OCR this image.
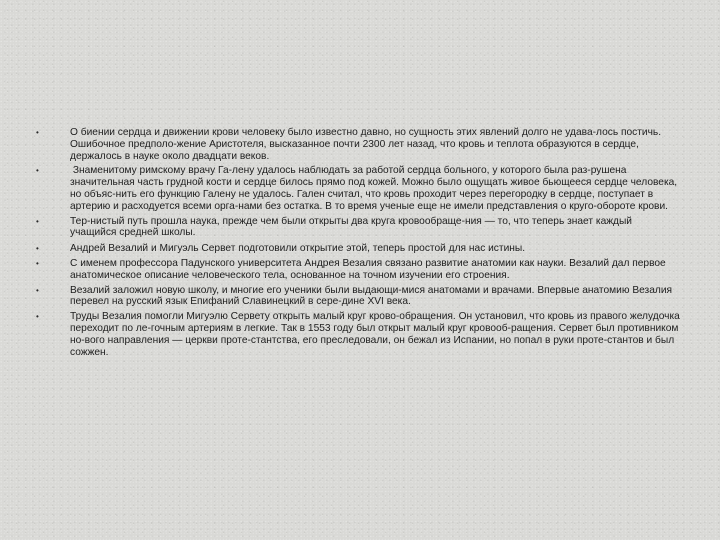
•	О биении сердца и движении крови человеку было известно давно, но сущность этих явлений долго не удава-лось постичь. Ошибочное предполо-жение Аристотеля, высказанное почти 2300 лет назад, что кровь и теплота образуются в сердце, держалось в науке около двадцати веков.
•	Знаменитому римскому врачу Га-лену удалось наблюдать за работой сердца больного, у которого была раз-рушена значительная часть грудной кости и сердце билось прямо под кожей. Можно было ощущать живое бьющееся сердце человека, но объяс-нить его функцию Галену не удалось. Гален считал, что кровь проходит через перегородку в сердце, поступает в артерию и расходуется всеми орга-нами без остатка. В то время ученые еще не имели представления о круго-обороте крови.
•	Тер-нистый путь прошла наука, прежде чем были открыты два круга кровообраще-ния — то, что теперь знает каждый учащийся средней школы.
•	Андрей Везалий и Мигуэль Сервет подготовили открытие этой, теперь простой для нас истины.
•	С именем профессора Падунского университета Андрея Везалия связано развитие анатомии как науки. Везалий дал первое анатомическое описание человеческого тела, основанное на точном изучении его строения.
•	Везалий заложил новую школу, и многие его ученики были выдающи-мися анатомами и врачами. Впервые анатомию Везалия перевел на русский язык Епифаний Славинецкий в сере-дине XVI века.
•	Труды Везалия помогли Мигуэлю Сервету открыть малый круг крово-обращения. Он установил, что кровь из правого желудочка переходит по ле-гочным артериям в легкие. Так в 1553 году был открыт малый круг кровооб-ращения. Сервет был противником но-вого направления — церкви проте-стантства, его преследовали, он бежал из Испании, но попал в руки проте-стантов и был сожжен.
